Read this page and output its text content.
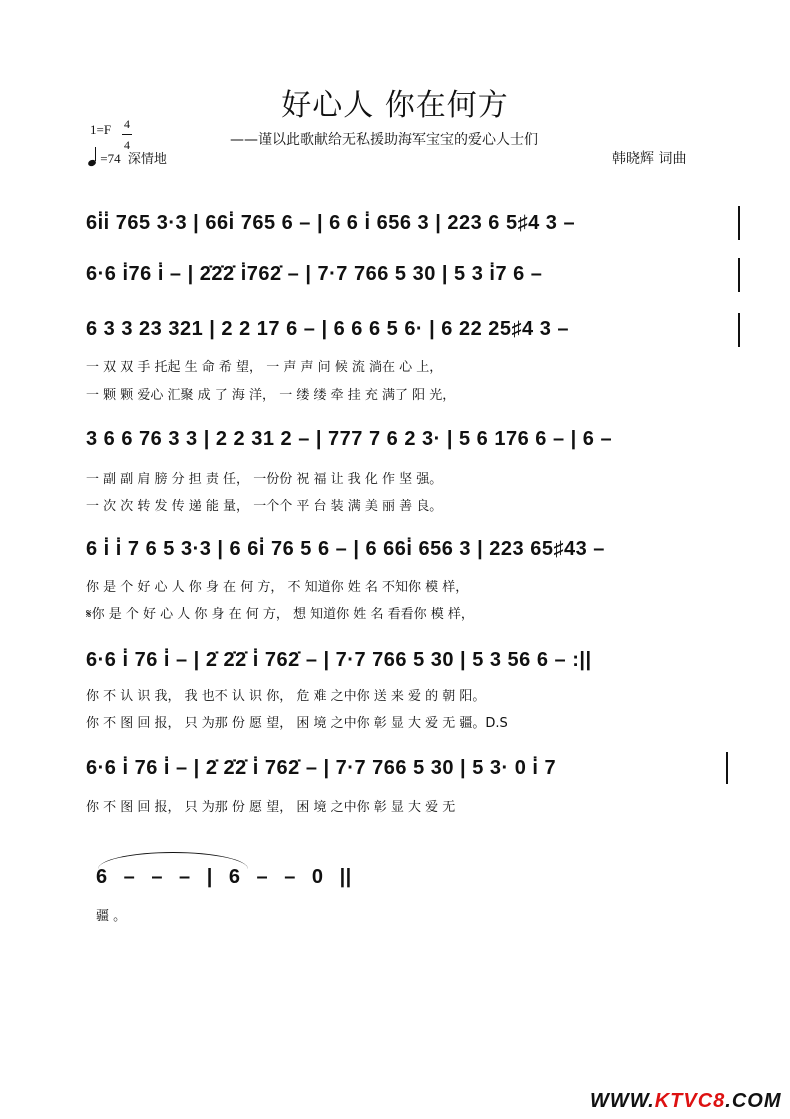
好心人 你在何方
——谨以此歌献给无私援助海军宝宝的爱心人士们
1=F 4
4
=74 深情地	韩晓辉 词曲
6i̇i̇ 765 3·3 | 66i̇ 765 6 – | 6 6 i̇ 656 3 | 223 6 5♯4 3 –
6·6 i̇76 i̇ – | 2̇2̇2̇ i̇762̇ – | 7·7 766 5 30 | 5 3 i̇7 6 –
6 3 3 23 321 | 2 2 17 6 – | 6 6 6 5 6· | 6 22 25♯4 3 –
一 双 双 手 托起 生 命 希 望， 一 声 声 问 候 流 淌在 心 上，
一 颗 颗 爱心 汇聚 成 了 海 洋， 一 缕 缕 牵 挂 充 满了 阳 光，
3 6 6 76 3 3 | 2 2 31 2 – | 777 7 6 2 3· | 5 6 176 6 – | 6 –
一 副 副 肩 膀 分 担 责 任， 一份份 祝 福 让 我 化 作 坚 强。
一 次 次 转 发 传 递 能 量， 一个个 平 台 装 满 美 丽 善 良。
6 i̇ i̇ 7 6 5 3·3 | 6 6i̇ 76 5 6 – | 6 66i̇ 656 3 | 223 65♯43 –
你 是 个 好 心 人 你 身 在 何 方， 不 知道你 姓 名 不知你 模 样，
𝄋你 是 个 好 心 人 你 身 在 何 方， 想 知道你 姓 名 看看你 模 样，
6·6 i̇ 76 i̇ – | 2̇ 2̇2̇ i̇ 762̇ – | 7·7 766 5 30 | 5 3 56 6 – :||
你 不 认 识 我， 我 也不 认 识 你， 危 难 之中你 送 来 爱 的 朝 阳。
你 不 图 回 报， 只 为那 份 愿 望， 困 境 之中你 彰 显 大 爱 无 疆。D.S
6·6 i̇ 76 i̇ – | 2̇ 2̇2̇ i̇ 762̇ – | 7·7 766 5 30 | 5 3· 0 i̇ 7
你 不 图 回 报， 只 为那 份 愿 望， 困 境 之中你 彰 显 大 爱 无
6 – – – | 6 – – 0 ||
疆 。
WWW.KTVC8.COM
